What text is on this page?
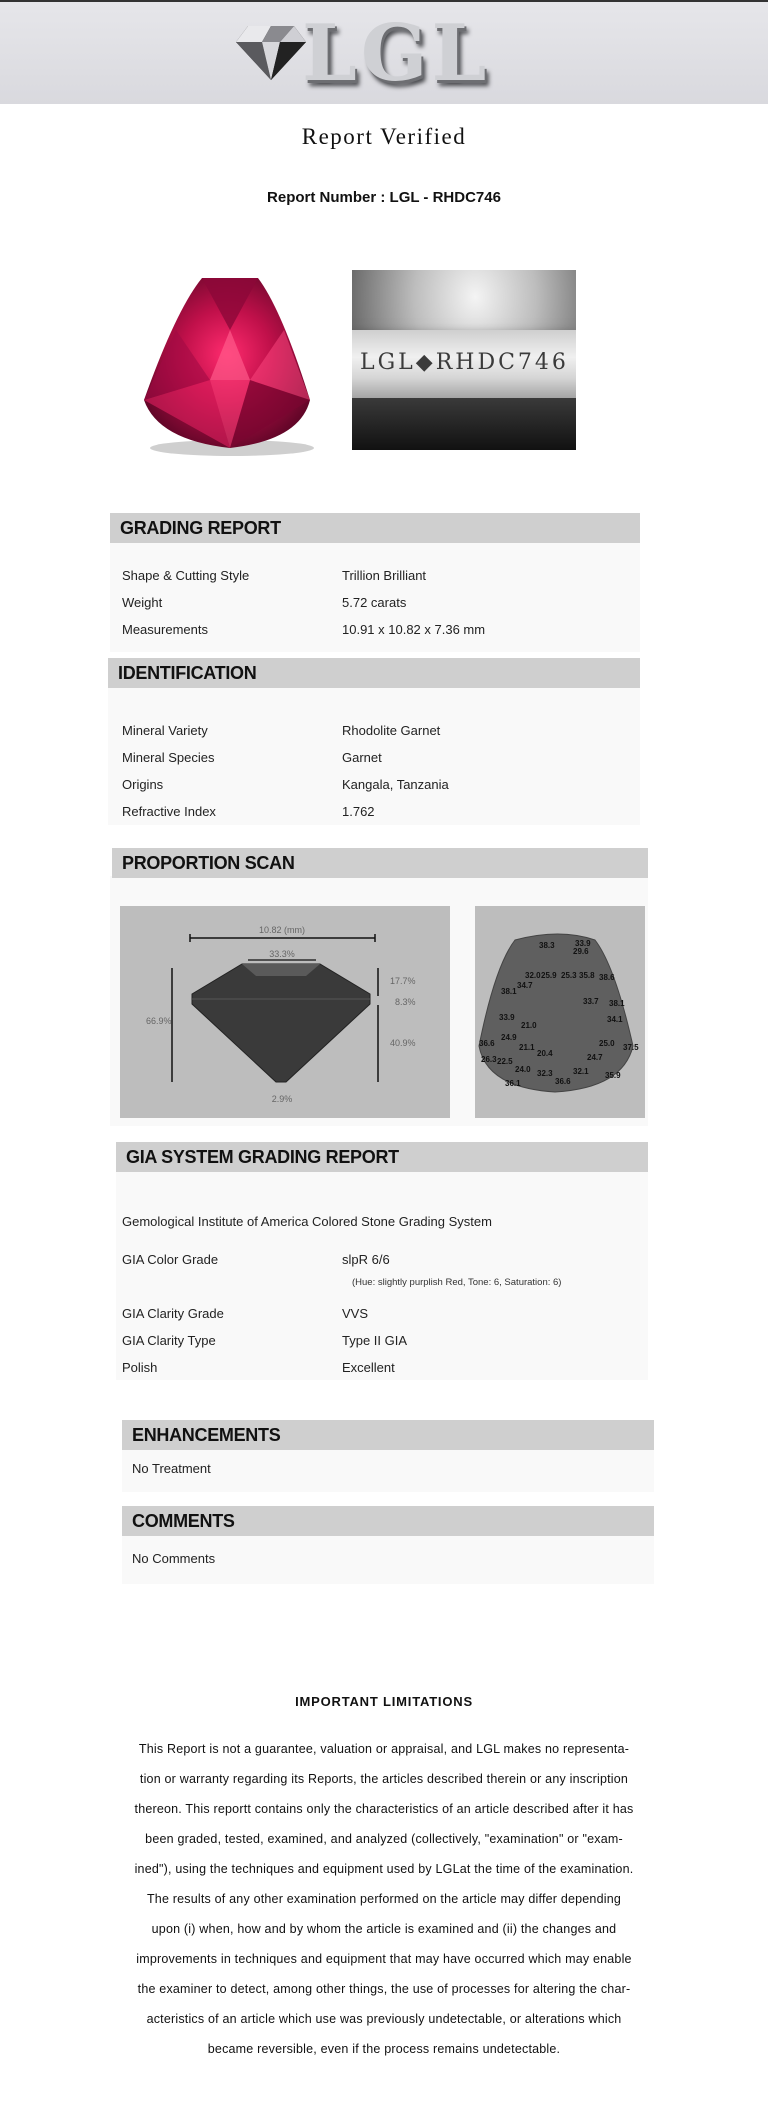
LGL
Report Verified
Report Number : LGL - RHDC746
LGL◆RHDC746
GRADING REPORT
Shape & Cutting Style	Trillion Brilliant
Weight	5.72 carats
Measurements	10.91 x 10.82 x 7.36 mm
IDENTIFICATION
Mineral Variety	Rhodolite Garnet
Mineral Species	Garnet
Origins	Kangala, Tanzania
Refractive Index	1.762
PROPORTION SCAN
10.82 (mm)
33.3%
66.9%
17.7%
8.3%
40.9%
2.9%
38.3	33.9
29.6
32.0 25.9 25.3 35.8 38.6
34.7
38.1
33.7 38.1
33.9	34.1
21.0
24.9
36.6	21.1	25.0 37.5
20.4
26.3 22.5	24.7
24.0 32.3	32.1 35.9
36.1	36.6
GIA SYSTEM GRADING REPORT
Gemological Institute of America Colored Stone Grading System
GIA Color Grade	slpR 6/6
(Hue: slightly purplish Red, Tone: 6, Saturation: 6)
GIA Clarity Grade	VVS
GIA Clarity Type	Type II GIA
Polish	Excellent
ENHANCEMENTS
No Treatment
COMMENTS
No Comments
IMPORTANT LIMITATIONS
This Report is not a guarantee, valuation or appraisal, and LGL makes no representa-
tion or warranty regarding its Reports, the articles described therein or any inscription
thereon. This reportt contains only the characteristics of an article described after it has
been graded, tested, examined, and analyzed (collectively, "examination" or "exam-
ined"), using the techniques and equipment used by LGLat the time of the examination.
The results of any other examination performed on the article may differ depending
upon (i) when, how and by whom the article is examined and (ii) the changes and
improvements in techniques and equipment that may have occurred which may enable
the examiner to detect, among other things, the use of processes for altering the char-
acteristics of an article which use was previously undetectable, or alterations which
became reversible, even if the process remains undetectable.
